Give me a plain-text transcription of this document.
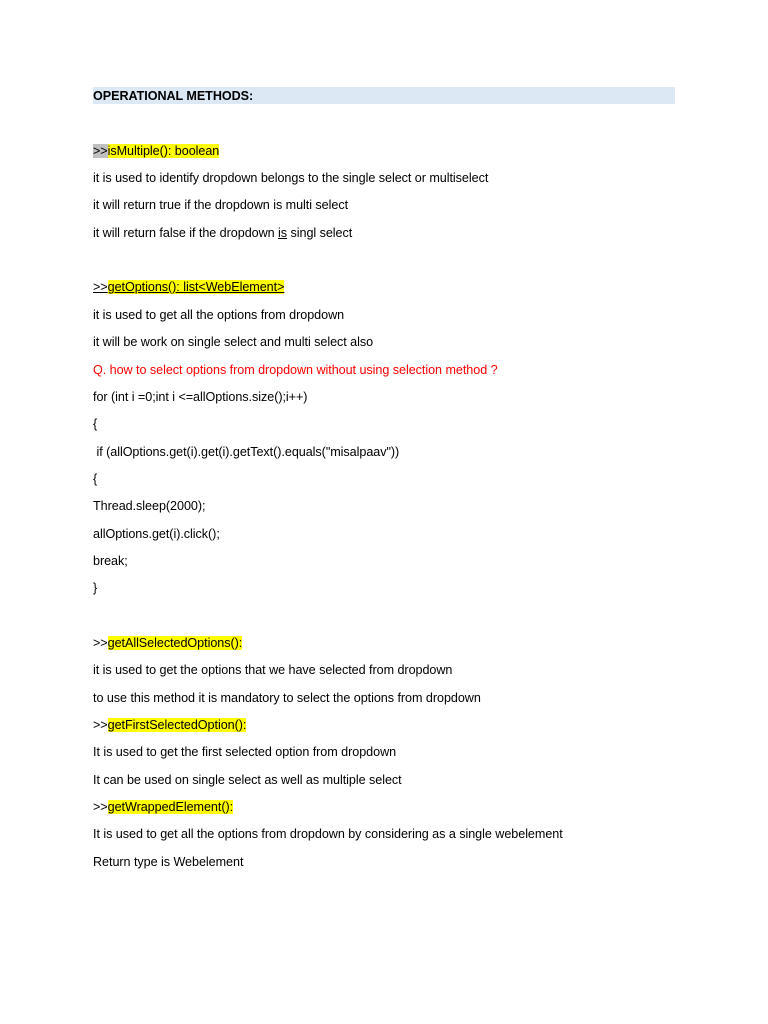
OPERATIONAL METHODS:
>>isMultiple(): boolean
it is used to identify dropdown belongs to the single select or multiselect
it will return true if the dropdown is multi select
it will return false if the dropdown is singl select
>>getOptions(): list<WebElement>
it is used to get all the options from dropdown
it will be work on single select and multi select also
Q. how to select options from dropdown without using selection method ?
for (int i =0;int i <=allOptions.size();i++)
{
if (allOptions.get(i).get(i).getText().equals("misalpaav"))
{
Thread.sleep(2000);
allOptions.get(i).click();
break;
}
>>getAllSelectedOptions():
it is used to get the options that we have selected from dropdown
to use this method it is mandatory to select the options from dropdown
>>getFirstSelectedOption():
It is used to get the first selected option from dropdown
It can be used on single select as well as multiple select
>>getWrappedElement():
It is used to get all the options from dropdown by considering as a single webelement
Return type is Webelement
